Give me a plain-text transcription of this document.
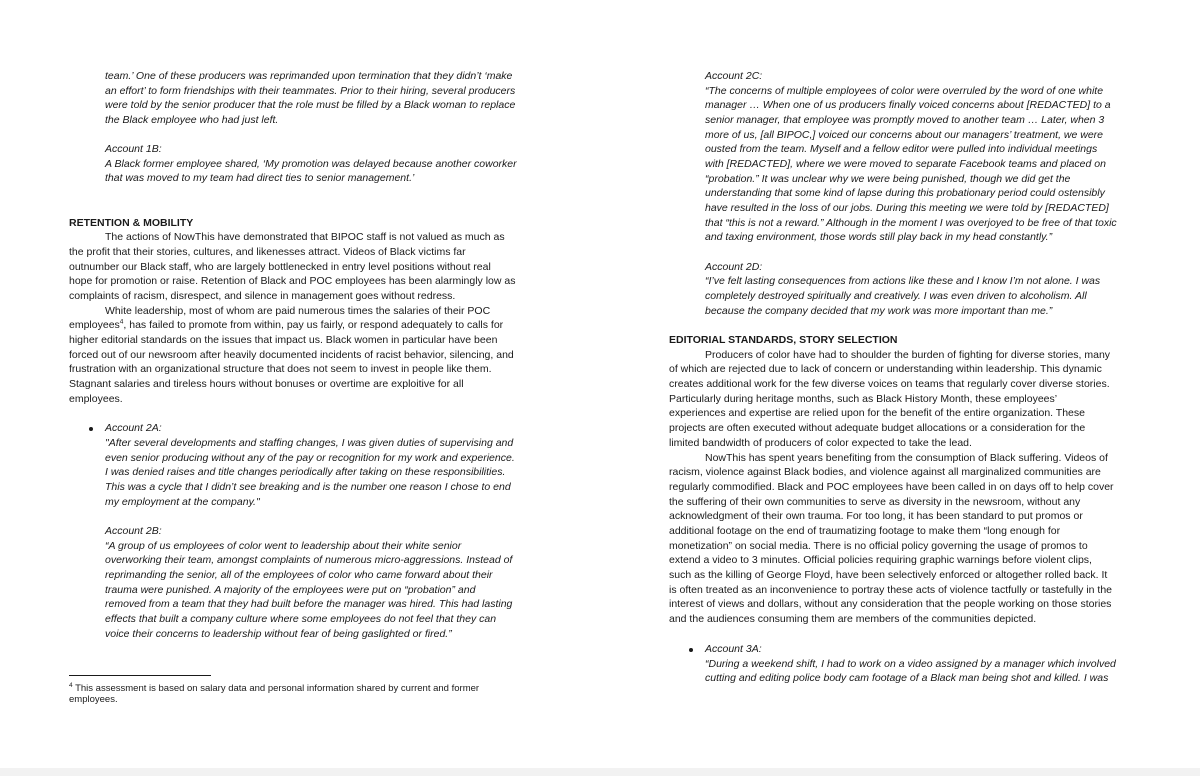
team.’ One of these producers was reprimanded upon termination that they didn’t ‘make

an effort’ to form friendships with their teammates. Prior to their hiring, several producers

were told by the senior producer that the role must be filled by a Black woman to replace

the Black employee who had just left.

Account 1B:

A Black former employee shared, ‘My promotion was delayed because another coworker

that was moved to my team had direct ties to senior management.’

RETENTION & MOBILITY

The actions of NowThis have demonstrated that BIPOC staff is not valued as much as

the profit that their stories, cultures, and likenesses attract. Videos of Black victims far

outnumber our Black staff, who are largely bottlenecked in entry level positions without real

hope for promotion or raise. Retention of Black and POC employees has been alarmingly low as

complaints of racism, disrespect, and silence in management goes without redress.

White leadership, most of whom are paid numerous times the salaries of their POC

employees$^4$, has failed to promote from within, pay us fairly, or respond adequately to calls for

higher editorial standards on the issues that impact us. Black women in particular have been

forced out of our newsroom after heavily documented incidents of racist behavior, silencing, and

frustration with an organizational structure that does not seem to invest in people like them.

Stagnant salaries and tireless hours without bonuses or overtime are exploitive for all

employees.

Account 2A:

"After several developments and staffing changes, I was given duties of supervising and

even senior producing without any of the pay or recognition for my work and experience.

I was denied raises and title changes periodically after taking on these responsibilities.

This was a cycle that I didn’t see breaking and is the number one reason I chose to end

my employment at the company."

Account 2B:

“A group of us employees of color went to leadership about their white senior

overworking their team, amongst complaints of numerous micro-aggressions. Instead of

reprimanding the senior, all of the employees of color who came forward about their

trauma were punished. A majority of the employees were put on “probation” and

removed from a team that they had built before the manager was hired. This had lasting

effects that built a company culture where some employees do not feel that they can

voice their concerns to leadership without fear of being gaslighted or fired.”

$^4$ This assessment is based on salary data and personal information shared by current and former

employees.

Account 2C:

“The concerns of multiple employees of color were overruled by the word of one white

manager … When one of us producers finally voiced concerns about [REDACTED] to a

senior manager, that employee was promptly moved to another team … Later, when 3

more of us, [all BIPOC,] voiced our concerns about our managers’ treatment, we were

ousted from the team. Myself and a fellow editor were pulled into individual meetings

with [REDACTED], where we were moved to separate Facebook teams and placed on

“probation.” It was unclear why we were being punished, though we did get the

understanding that some kind of lapse during this probationary period could ostensibly

have resulted in the loss of our jobs. During this meeting we were told by [REDACTED]

that “this is not a reward.” Although in the moment I was overjoyed to be free of that toxic

and taxing environment, those words still play back in my head constantly.”

Account 2D:

“I’ve felt lasting consequences from actions like these and I know I’m not alone. I was

completely destroyed spiritually and creatively. I was even driven to alcoholism. All

because the company decided that my work was more important than me.”

EDITORIAL STANDARDS, STORY SELECTION

Producers of color have had to shoulder the burden of fighting for diverse stories, many

of which are rejected due to lack of concern or understanding within leadership. This dynamic

creates additional work for the few diverse voices on teams that regularly cover diverse stories.

Particularly during heritage months, such as Black History Month, these employees’

experiences and expertise are relied upon for the benefit of the entire organization. These

projects are often executed without adequate budget allocations or a consideration for the

limited bandwidth of producers of color expected to take the lead.

NowThis has spent years benefiting from the consumption of Black suffering. Videos of

racism, violence against Black bodies, and violence against all marginalized communities are

regularly commodified. Black and POC employees have been called in on days off to help cover

the suffering of their own communities to serve as diversity in the newsroom, without any

acknowledgment of their own trauma. For too long, it has been standard to put promos or

additional footage on the end of traumatizing footage to make them “long enough for

monetization” on social media. There is no official policy governing the usage of promos to

extend a video to 3 minutes. Official policies requiring graphic warnings before violent clips,

such as the killing of George Floyd, have been selectively enforced or altogether rolled back. It

is often treated as an inconvenience to portray these acts of violence tactfully or tastefully in the

interest of views and dollars, without any consideration that the people working on those stories

and the audiences consuming them are members of the communities depicted.

Account 3A:

“During a weekend shift, I had to work on a video assigned by a manager which involved

cutting and editing police body cam footage of a Black man being shot and killed. I was
